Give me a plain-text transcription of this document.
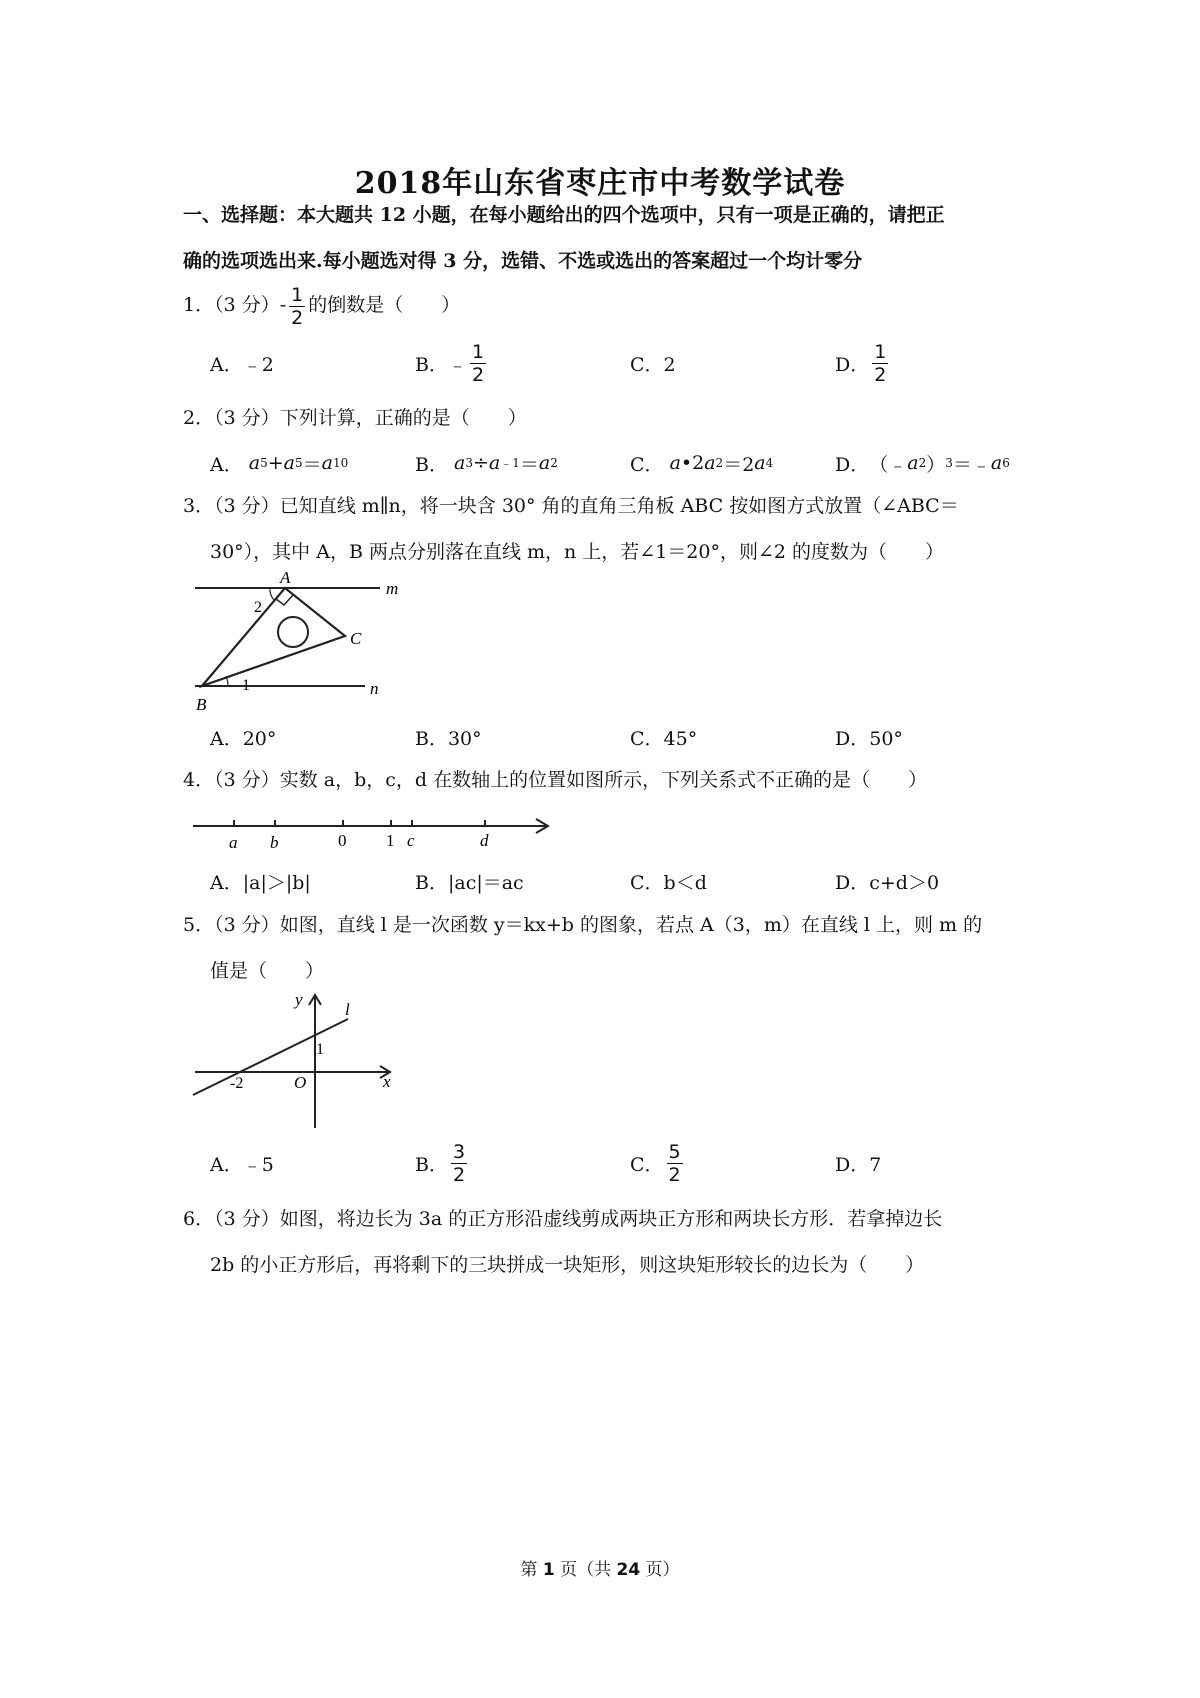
2018年山东省枣庄市中考数学试卷
一、选择题：本大题共 12 小题，在每小题给出的四个选项中，只有一项是正确的，请把正
确的选项选出来.每小题选对得 3 分，选错、不选或选出的答案超过一个均计零分
1．（3 分）- $\frac{1}{2}$ 的倒数是（　　）
A．﹣2	B．﹣ $\frac{1}{2}$	C．2	D． $\frac{1}{2}$
2．（3 分）下列计算，正确的是（　　）
A．
a 5 + a 5 ＝ a 10	B．
a 3 ÷ a ﹣1 ＝ a 2	C．
a •2 a 2 ＝2 a 4	D． （﹣ a 2 ） 3 ＝﹣ a 6
3．（3 分）已知直线 m∥n，将一块含 30° 角的直角三角板 ABC 按如图方式放置（∠ABC＝
30°），其中 A，B 两点分别落在直线 m，n 上，若∠1＝20°，则∠2 的度数为（　　）
A
B
C
m
n
1
2
A．20°	B．30°	C．45°	D．50°
4．（3 分）实数 a，b，c，d 在数轴上的位置如图所示，下列关系式不正确的是（　　）
a b	0 1 c	d
A．|a|＞|b|	B．|ac|＝ac	C．b＜d	D．c+d＞0
5．（3 分）如图，直线 l 是一次函数 y＝kx+b 的图象，若点 A（3，m）在直线 l 上，则 m 的
值是（　　）
y
x
l
O
1
-2
A．﹣5	B． $\frac{3}{2}$	C． $\frac{5}{2}$	D．7
6．（3 分）如图，将边长为 3a 的正方形沿虚线剪成两块正方形和两块长方形．若拿掉边长
2b 的小正方形后，再将剩下的三块拼成一块矩形，则这块矩形较长的边长为（　　）
第 1 页（共 24 页）
